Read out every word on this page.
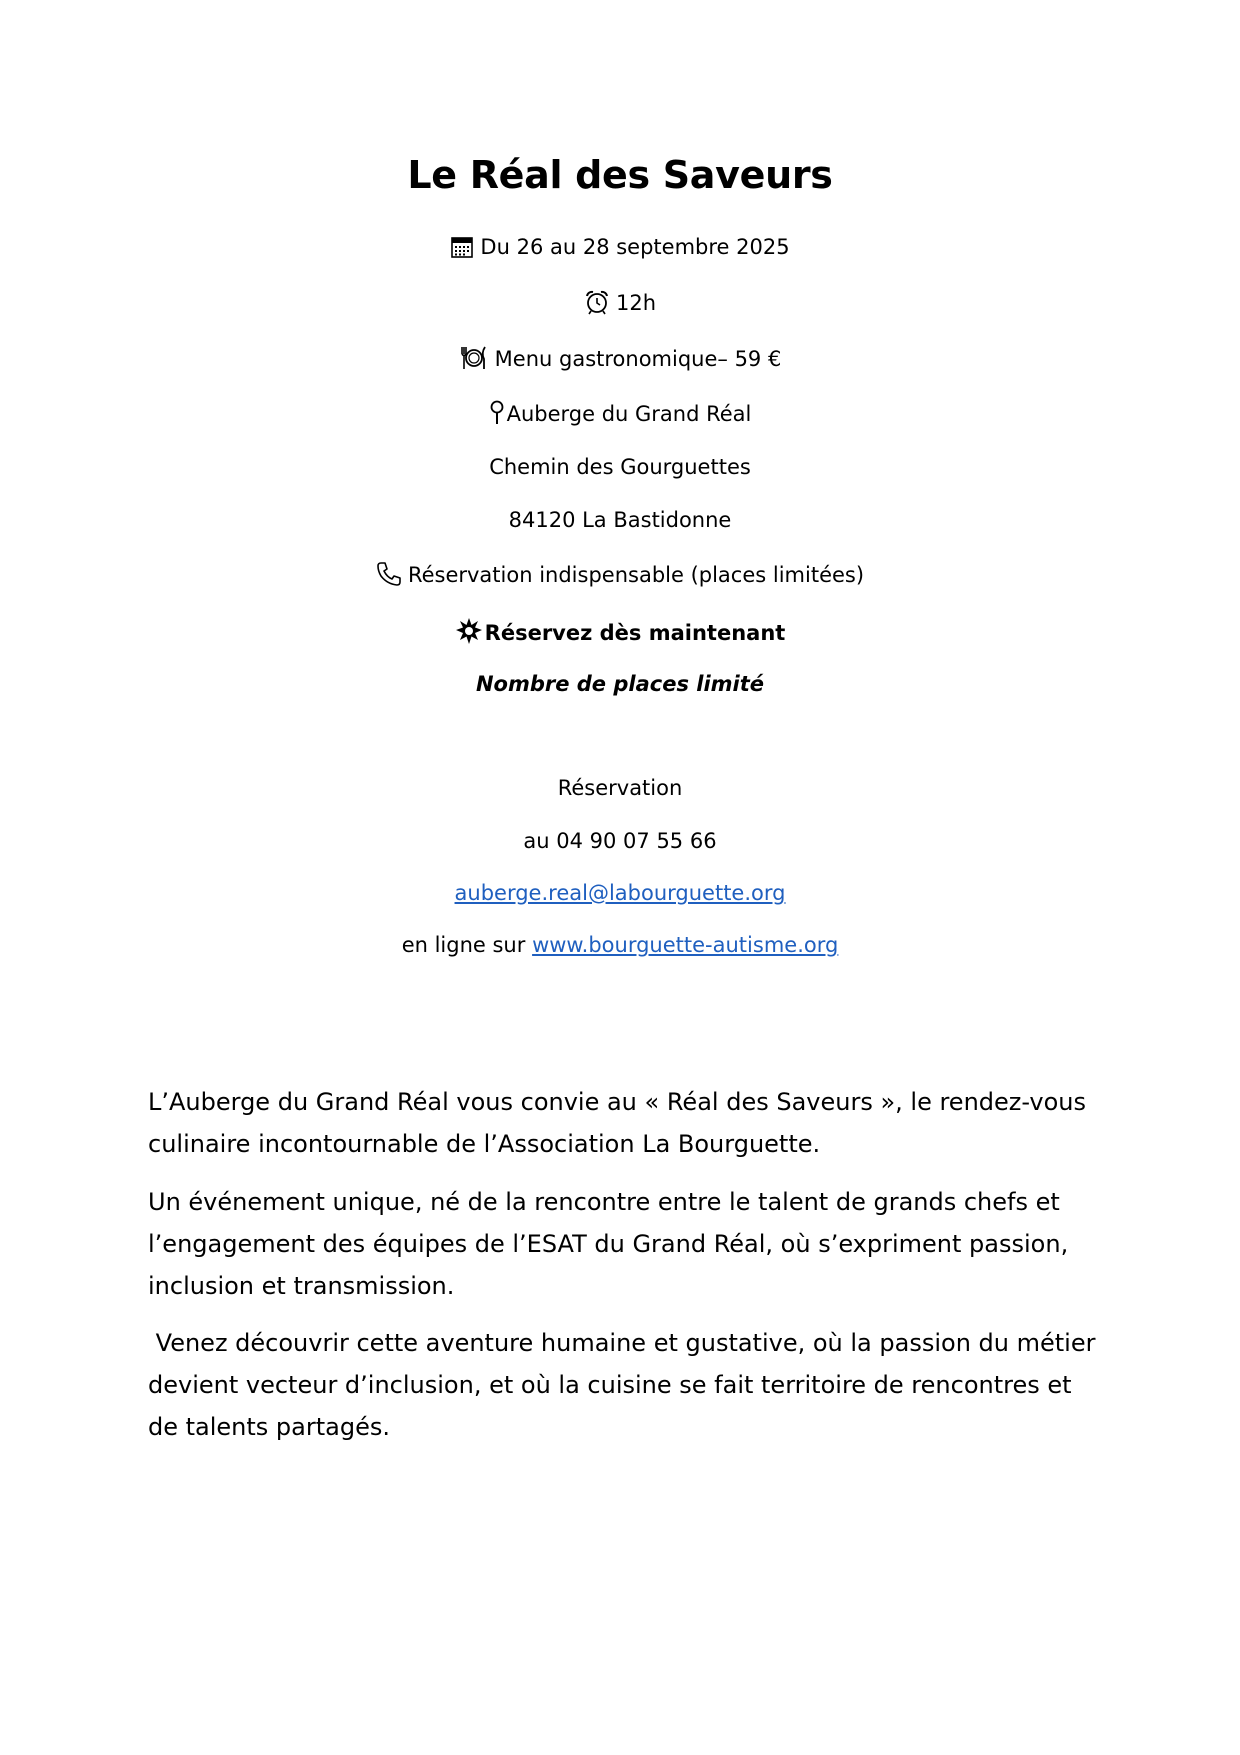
Le Réal des Saveurs
Du 26 au 28 septembre 2025
12h
Menu gastronomique– 59 €
Auberge du Grand Réal
Chemin des Gourguettes
84120 La Bastidonne
Réservation indispensable (places limitées)
Réservez dès maintenant
Nombre de places limité
Réservation
au 04 90 07 55 66
auberge.real@labourguette.org
en ligne sur www.bourguette-autisme.org
L’Auberge du Grand Réal vous convie au « Réal des Saveurs », le rendez-vous culinaire incontournable de l’Association La Bourguette.
Un événement unique, né de la rencontre entre le talent de grands chefs et l’engagement des équipes de l’ESAT du Grand Réal, où s’expriment passion, inclusion et transmission.
Venez découvrir cette aventure humaine et gustative, où la passion du métier devient vecteur d’inclusion, et où la cuisine se fait territoire de rencontres et de talents partagés.
